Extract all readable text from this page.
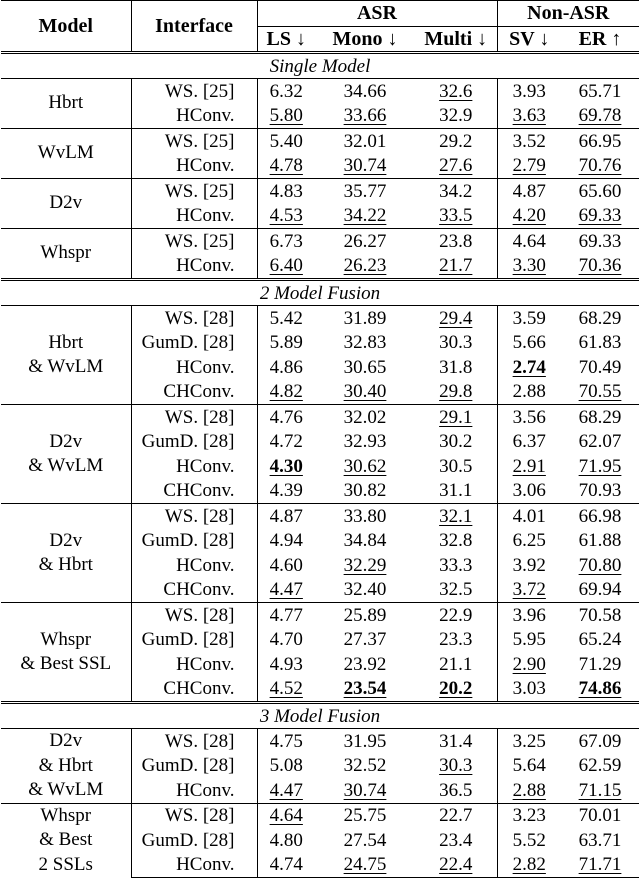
Model	Interface	ASR			Non-ASR	
		LS ↓	Mono ↓	Multi ↓	SV ↓	ER ↑
Single Model						

Hbrt	WS. [25]	6.32	34.66	32.6	3.93	65.71
	HConv.	5.80	33.66	32.9	3.63	69.78

WvLM	WS. [25]	5.40	32.01	29.2	3.52	66.95
	HConv.	4.78	30.74	27.6	2.79	70.76

D2v	WS. [25]	4.83	35.77	34.2	4.87	65.60
	HConv.	4.53	34.22	33.5	4.20	69.33

Whspr	WS. [25]	6.73	26.27	23.8	4.64	69.33
	HConv.	6.40	26.23	21.7	3.30	70.36
2 Model Fusion						

Hbrt
& WvLM	WS. [28]	5.42	31.89	29.4	3.59	68.29
	GumD. [28]	5.89	32.83	30.3	5.66	61.83
	HConv.	4.86	30.65	31.8	2.74	70.49
	CHConv.	4.82	30.40	29.8	2.88	70.55

D2v
& WvLM	WS. [28]	4.76	32.02	29.1	3.56	68.29
	GumD. [28]	4.72	32.93	30.2	6.37	62.07
	HConv.	4.30	30.62	30.5	2.91	71.95
	CHConv.	4.39	30.82	31.1	3.06	70.93

D2v
& Hbrt	WS. [28]	4.87	33.80	32.1	4.01	66.98
	GumD. [28]	4.94	34.84	32.8	6.25	61.88
	HConv.	4.60	32.29	33.3	3.92	70.80
	CHConv.	4.47	32.40	32.5	3.72	69.94

Whspr
& Best SSL	WS. [28]	4.77	25.89	22.9	3.96	70.58
	GumD. [28]	4.70	27.37	23.3	5.95	65.24
	HConv.	4.93	23.92	21.1	2.90	71.29
	CHConv.	4.52	23.54	20.2	3.03	74.86
3 Model Fusion						

D2v
& Hbrt
& WvLM	WS. [28]	4.75	31.95	31.4	3.25	67.09
	GumD. [28]	5.08	32.52	30.3	5.64	62.59
	HConv.	4.47	30.74	36.5	2.88	71.15

Whspr
& Best
2 SSLs	WS. [28]	4.64	25.75	22.7	3.23	70.01
	GumD. [28]	4.80	27.54	23.4	5.52	63.71
	HConv.	4.74	24.75	22.4	2.82	71.71
